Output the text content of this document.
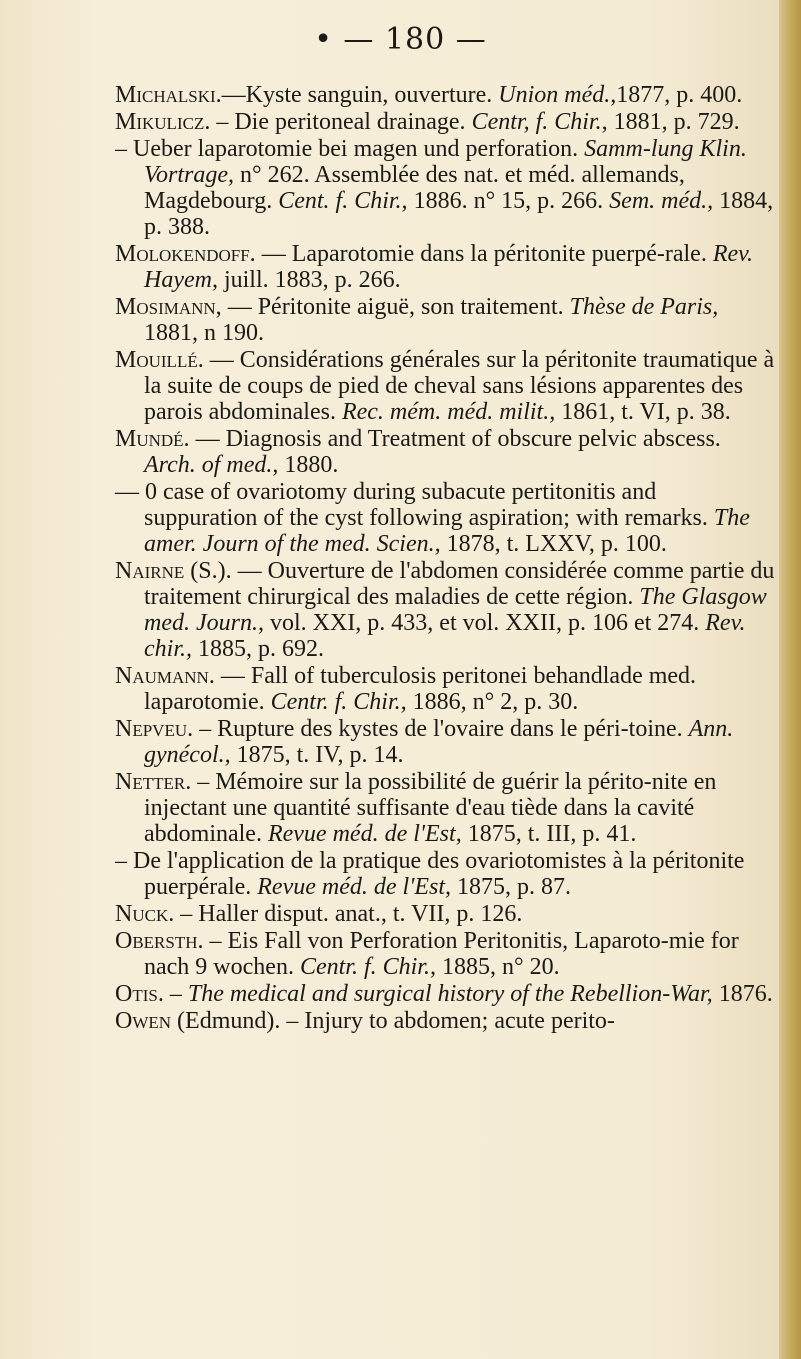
• — 180 —

Michalski.—Kyste sanguin, ouverture. Union méd.,1877, p. 400.

Mikulicz. – Die peritoneal drainage. Centr, f. Chir., 1881, p. 729.

– Ueber laparotomie bei magen und perforation. Samm-lung Klin. Vortrage, n° 262. Assemblée des nat. et méd. allemands, Magdebourg. Cent. f. Chir., 1886. n° 15, p. 266. Sem. méd., 1884, p. 388.

Molokendoff. — Laparotomie dans la péritonite puerpé-rale. Rev. Hayem, juill. 1883, p. 266.

Mosimann, — Péritonite aiguë, son traitement. Thèse de Paris, 1881, n 190.

Mouillé. — Considérations générales sur la péritonite traumatique à la suite de coups de pied de cheval sans lésions apparentes des parois abdominales. Rec. mém. méd. milit., 1861, t. VI, p. 38.

Mundé. — Diagnosis and Treatment of obscure pelvic abscess. Arch. of med., 1880.

— 0 case of ovariotomy during subacute pertitonitis and suppuration of the cyst following aspiration; with remarks. The amer. Journ of the med. Scien., 1878, t. LXXV, p. 100.

Nairne (S.). — Ouverture de l'abdomen considérée comme partie du traitement chirurgical des maladies de cette région. The Glasgow med. Journ., vol. XXI, p. 433, et vol. XXII, p. 106 et 274. Rev. chir., 1885, p. 692.

Naumann. — Fall of tuberculosis peritonei behandlade med. laparotomie. Centr. f. Chir., 1886, n° 2, p. 30.

Nepveu. – Rupture des kystes de l'ovaire dans le péri-toine. Ann. gynécol., 1875, t. IV, p. 14.

Netter. – Mémoire sur la possibilité de guérir la périto-nite en injectant une quantité suffisante d'eau tiède dans la cavité abdominale. Revue méd. de l'Est, 1875, t. III, p. 41.

– De l'application de la pratique des ovariotomistes à la péritonite puerpérale. Revue méd. de l'Est, 1875, p. 87.

Nuck. – Haller disput. anat., t. VII, p. 126.

Obersth. – Eis Fall von Perforation Peritonitis, Laparoto-mie for nach 9 wochen. Centr. f. Chir., 1885, n° 20.

Otis. – The medical and surgical history of the Rebellion-War, 1876.

Owen (Edmund). – Injury to abdomen; acute perito-
